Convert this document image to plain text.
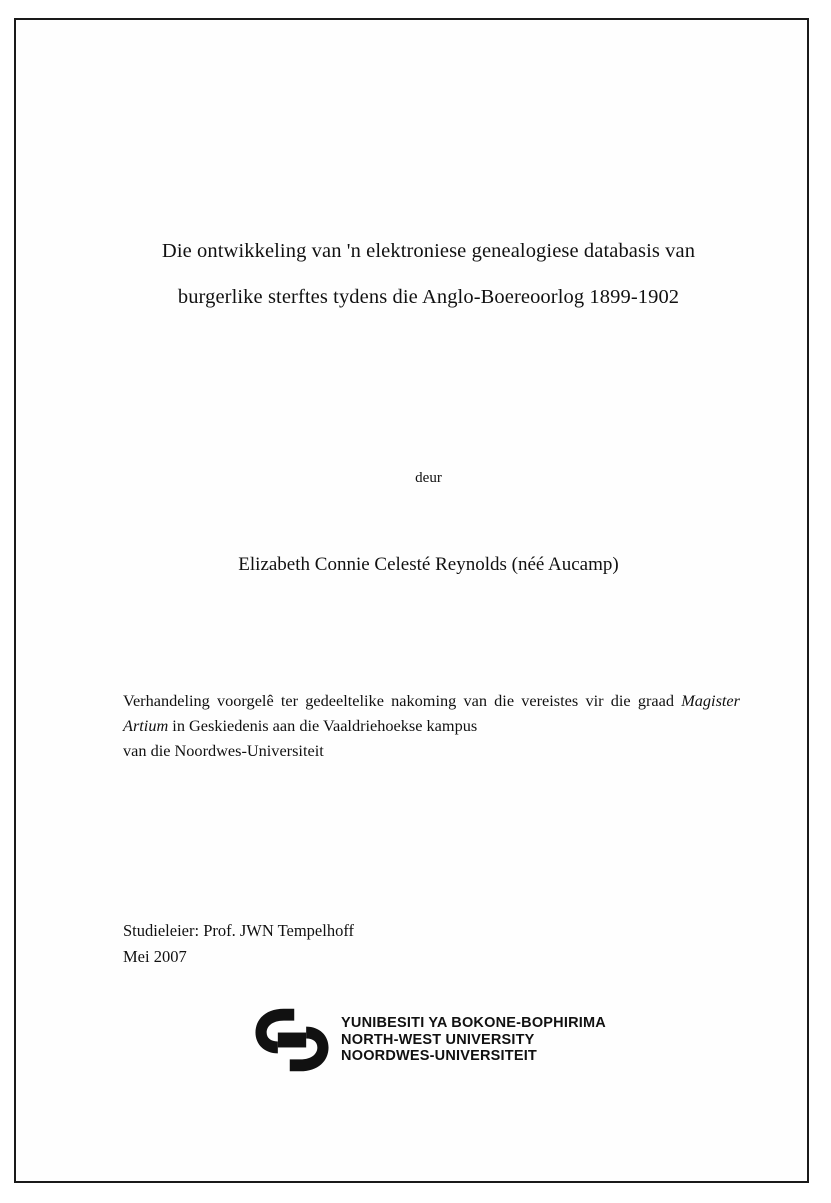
Die ontwikkeling van 'n elektroniese genealogiese databasis van
burgerlike sterftes tydens die Anglo-Boereoorlog 1899-1902
deur
Elizabeth Connie Celesté Reynolds (néé Aucamp)
Verhandeling voorgelê ter gedeeltelike nakoming van die vereistes vir die graad Magister Artium in Geskiedenis aan die Vaaldriehoekse kampus
van die Noordwes-Universiteit
Studieleier: Prof. JWN Tempelhoff
Mei 2007
YUNIBESITI YA BOKONE-BOPHIRIMA
NORTH-WEST UNIVERSITY
NOORDWES-UNIVERSITEIT
